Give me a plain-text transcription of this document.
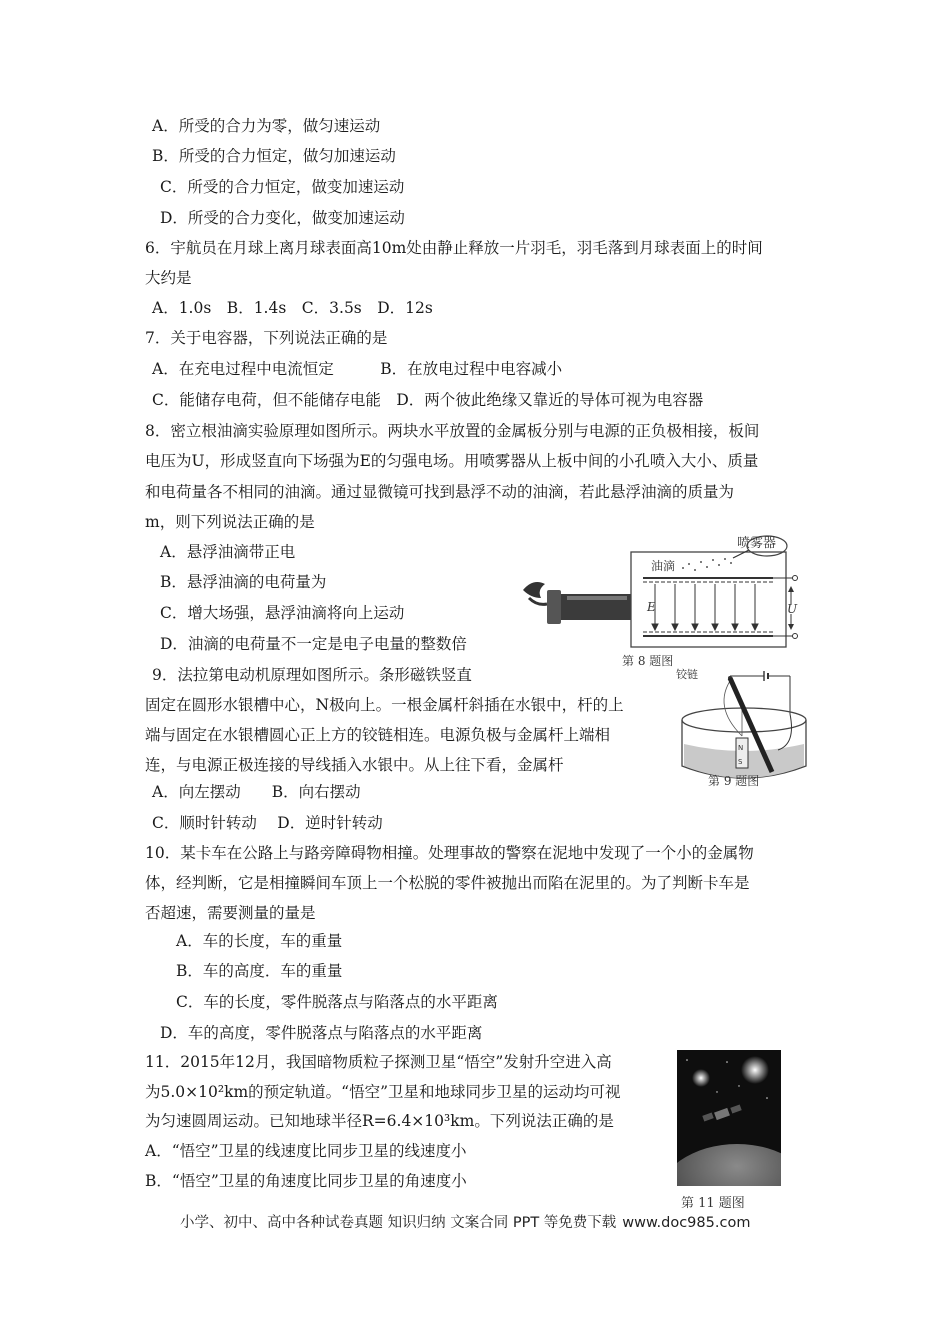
A．所受的合力为零，做匀速运动
B．所受的合力恒定，做匀加速运动
C．所受的合力恒定，做变加速运动
D．所受的合力变化，做变加速运动
6．宇航员在月球上离月球表面高10m处由静止释放一片羽毛，羽毛落到月球表面上的时间
大约是
A．1.0s　B．1.4s　C．3.5s　D．12s
7．关于电容器，下列说法正确的是
A．在充电过程中电流恒定　　　B．在放电过程中电容减小
C．能储存电荷，但不能储存电能　D．两个彼此绝缘又靠近的导体可视为电容器
8．密立根油滴实验原理如图所示。两块水平放置的金属板分别与电源的正负极相接，板间
电压为U，形成竖直向下场强为E的匀强电场。用喷雾器从上板中间的小孔喷入大小、质量
和电荷量各不相同的油滴。通过显微镜可找到悬浮不动的油滴，若此悬浮油滴的质量为
m，则下列说法正确的是
A．悬浮油滴带正电
B．悬浮油滴的电荷量为
C．增大场强，悬浮油滴将向上运动
D．油滴的电荷量不一定是电子电量的整数倍
喷雾器
油滴
E	U
第 8 题图
9．法拉第电动机原理如图所示。条形磁铁竖直
固定在圆形水银槽中心，N极向上。一根金属杆斜插在水银中，杆的上
端与固定在水银槽圆心正上方的铰链相连。电源负极与金属杆上端相
连，与电源正极连接的导线插入水银中。从上往下看，金属杆
A．向左摆动　　B．向右摆动
C．顺时针转动　 D．逆时针转动
N
S
铰链
第 9 题图
10．某卡车在公路上与路旁障碍物相撞。处理事故的警察在泥地中发现了一个小的金属物
体，经判断，它是相撞瞬间车顶上一个松脱的零件被抛出而陷在泥里的。为了判断卡车是
否超速，需要测量的量是
A．车的长度，车的重量
B．车的高度．车的重量
C．车的长度，零件脱落点与陷落点的水平距离
D．车的高度，零件脱落点与陷落点的水平距离
11．2015年12月，我国暗物质粒子探测卫星“悟空”发射升空进入高
为5.0×10²km的预定轨道。“悟空”卫星和地球同步卫星的运动均可视
为匀速圆周运动。已知地球半径R=6.4×10³km。下列说法正确的是
A．“悟空”卫星的线速度比同步卫星的线速度小
B．“悟空”卫星的角速度比同步卫星的角速度小
第 11 题图
小学、初中、高中各种试卷真题 知识归纳 文案合同 PPT 等免费下载 www.doc985.com
